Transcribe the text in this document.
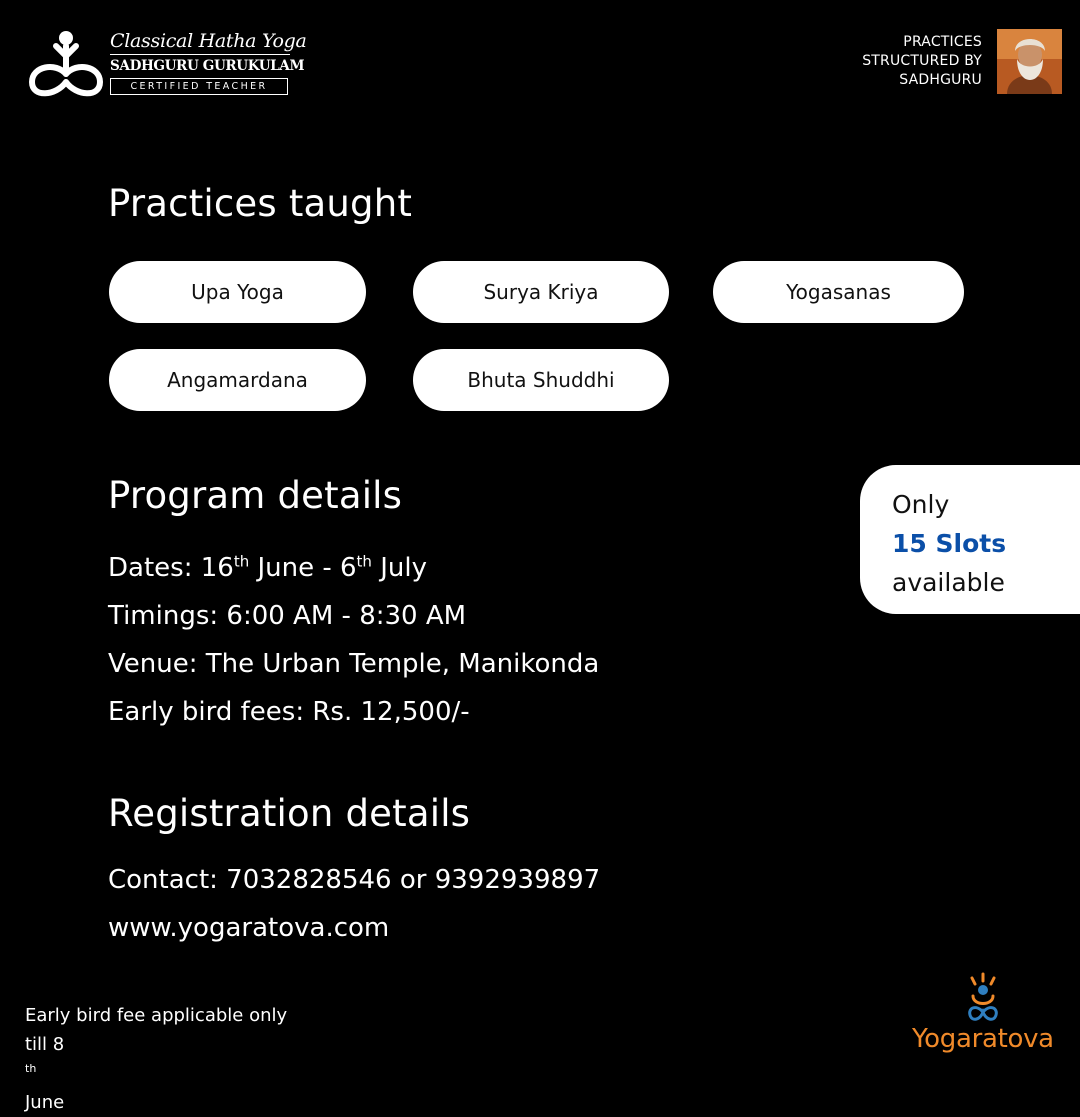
Classical Hatha Yoga
SADHGURU GURUKULAM
CERTIFIED TEACHER
PRACTICES
STRUCTURED BY
SADHGURU
Practices taught
Upa Yoga	Surya Kriya	Yogasanas
Angamardana	Bhuta Shuddhi
Program details
Dates: 16th June - 6th July
Timings: 6:00 AM - 8:30 AM
Venue: The Urban Temple, Manikonda
Early bird fees: Rs. 12,500/-
Only
15 Slots
available
Registration details
Contact: 7032828546 or 9392939897
www.yogaratova.com
Early bird fee applicable only
till 8
$^{th}$
June
Yogaratova
